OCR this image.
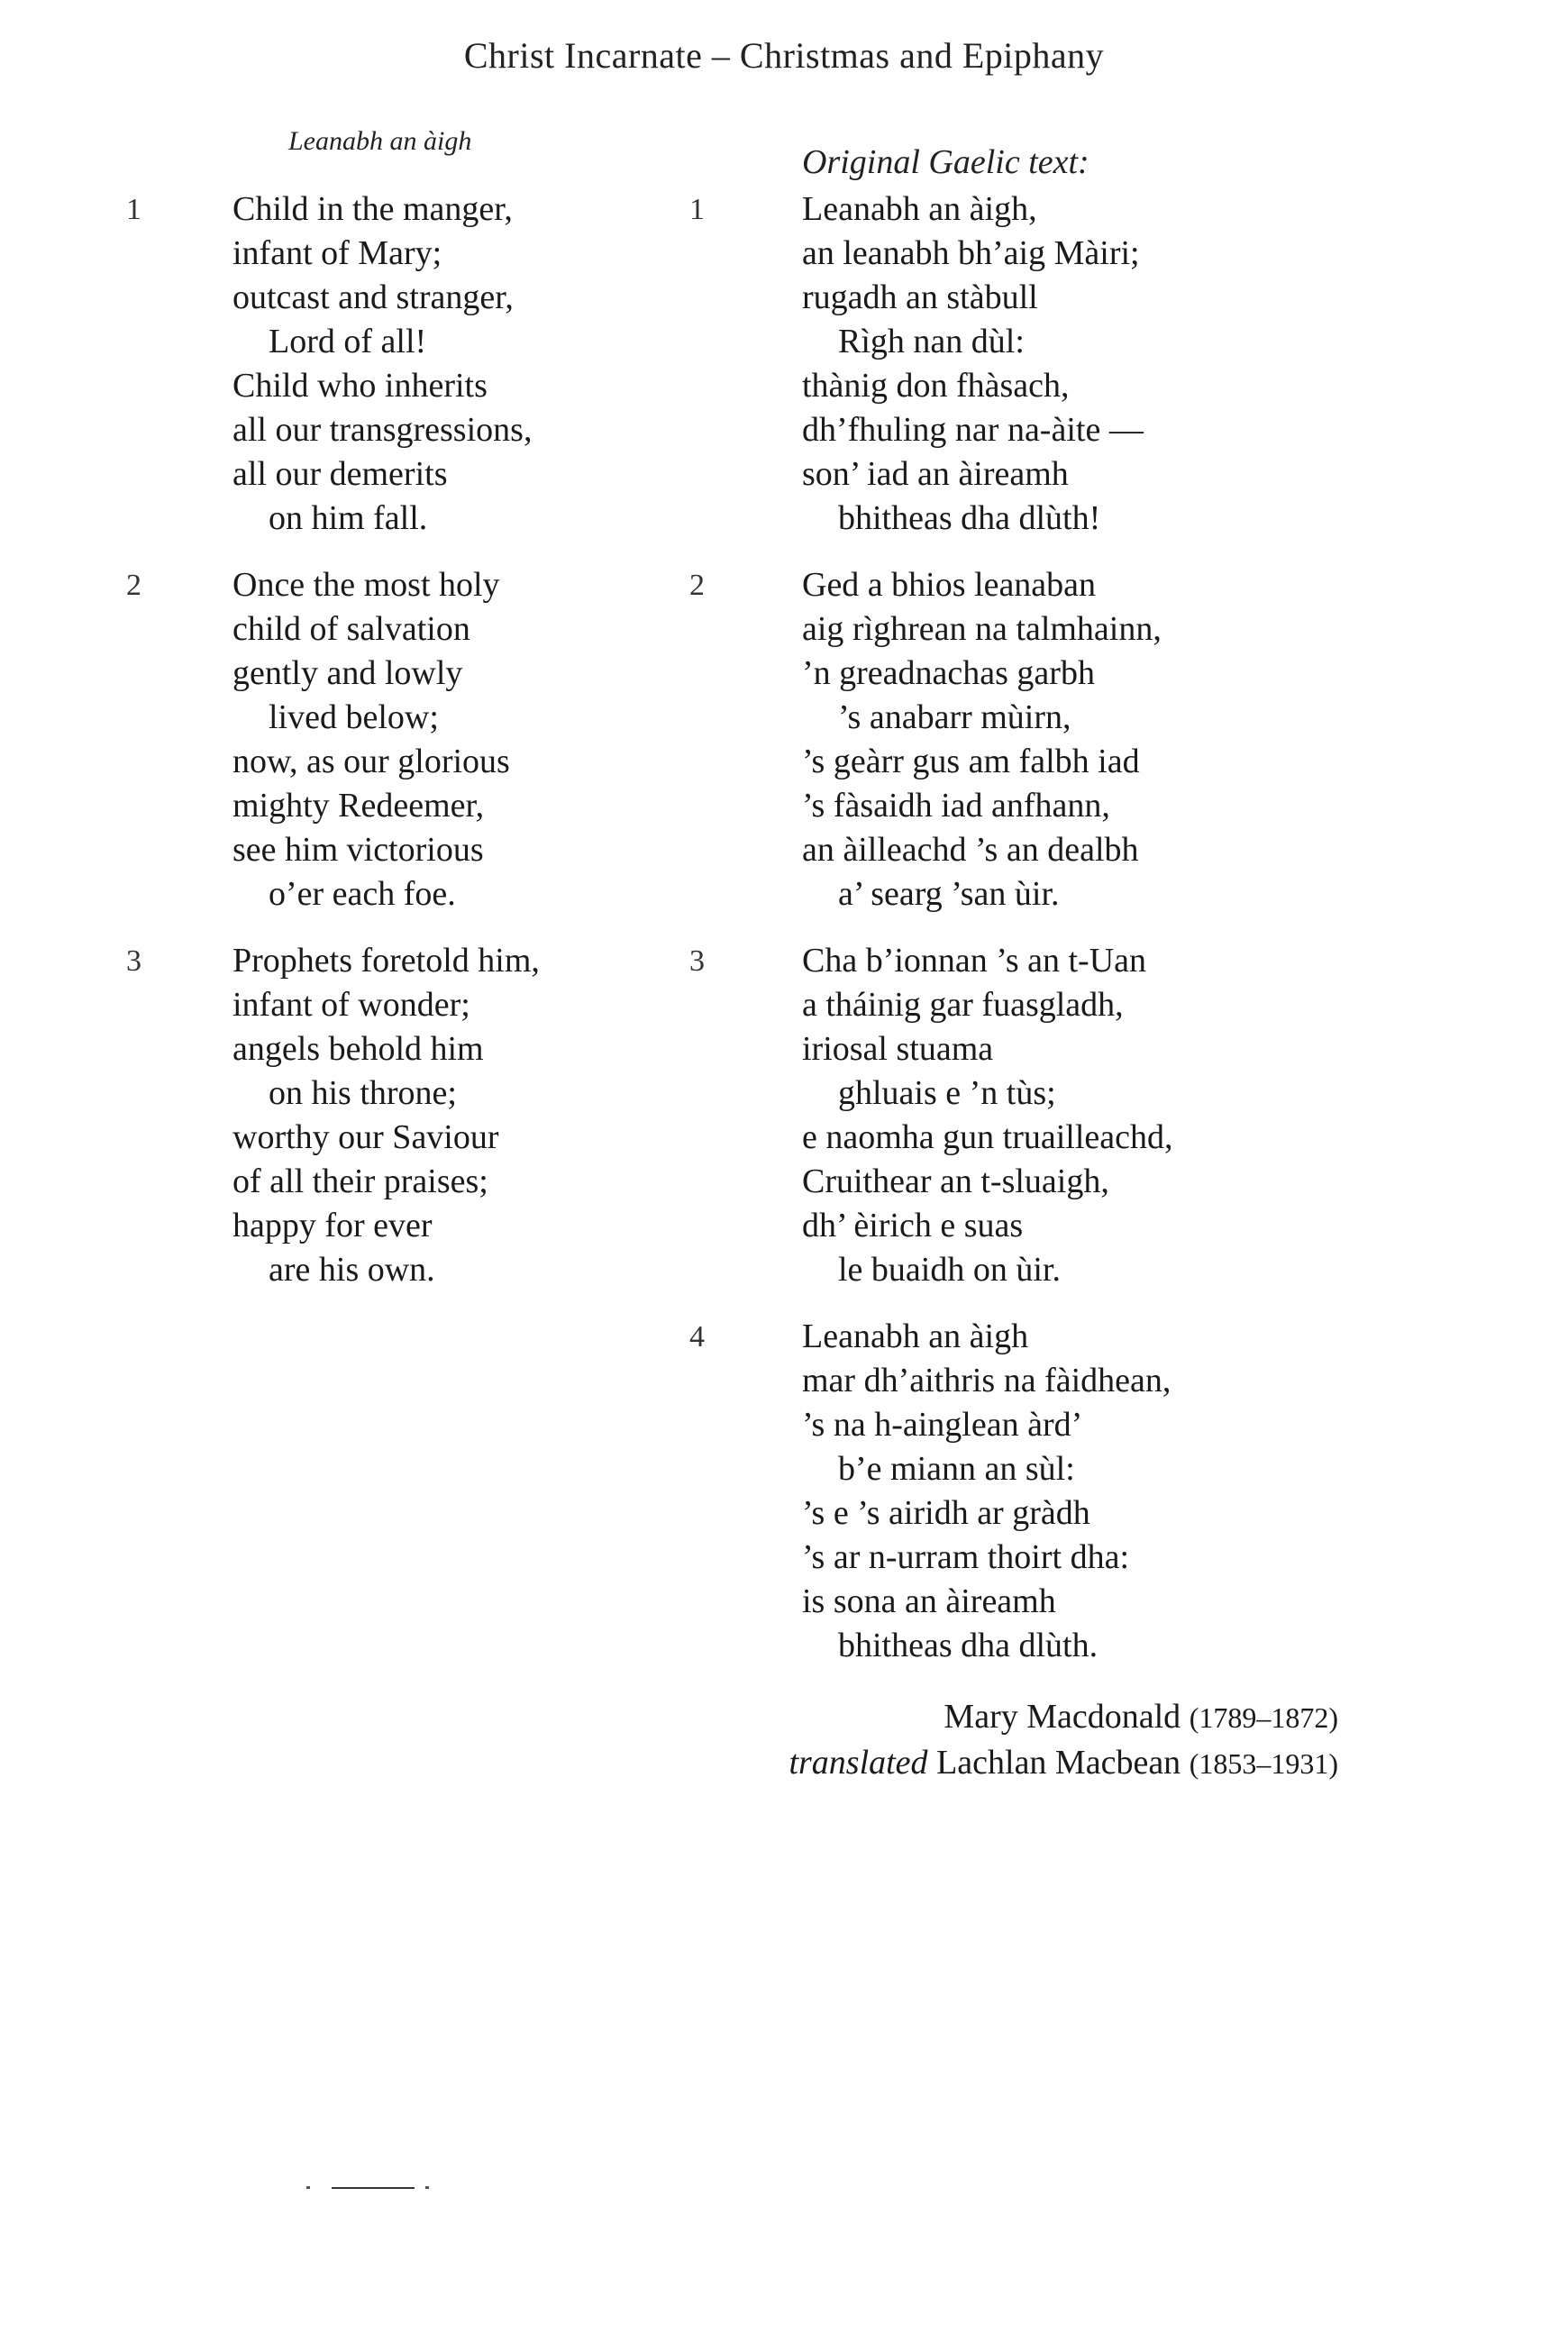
Christ Incarnate – Christmas and Epiphany
Leanabh an àigh
Original Gaelic text:
1	Child in the manger,
infant of Mary;
outcast and stranger,
Lord of all!
Child who inherits
all our transgressions,
all our demerits
on him fall.
2	Once the most holy
child of salvation
gently and lowly
lived below;
now, as our glorious
mighty Redeemer,
see him victorious
o’er each foe.
3	Prophets foretold him,
infant of wonder;
angels behold him
on his throne;
worthy our Saviour
of all their praises;
happy for ever
are his own.
1	Leanabh an àigh,
an leanabh bh’aig Màiri;
rugadh an stàbull
Rìgh nan dùl:
thànig don fhàsach,
dh’fhuling nar na-àite —
son’ iad an àireamh
bhitheas dha dlùth!
2	Ged a bhios leanaban
aig rìghrean na talmhainn,
’n greadnachas garbh
’s anabarr mùirn,
’s geàrr gus am falbh iad
’s fàsaidh iad anfhann,
an àilleachd ’s an dealbh
a’ searg ’san ùir.
3	Cha b’ionnan ’s an t-Uan
a tháinig gar fuasgladh,
iriosal stuama
ghluais e ’n tùs;
e naomha gun truailleachd,
Cruithear an t-sluaigh,
dh’ èirich e suas
le buaidh on ùir.
4	Leanabh an àigh
mar dh’aithris na fàidhean,
’s na h-ainglean àrd’
b’e miann an sùl:
’s e ’s airidh ar gràdh
’s ar n-urram thoirt dha:
is sona an àireamh
bhitheas dha dlùth.
Mary Macdonald (1789–1872)
translated Lachlan Macbean (1853–1931)
